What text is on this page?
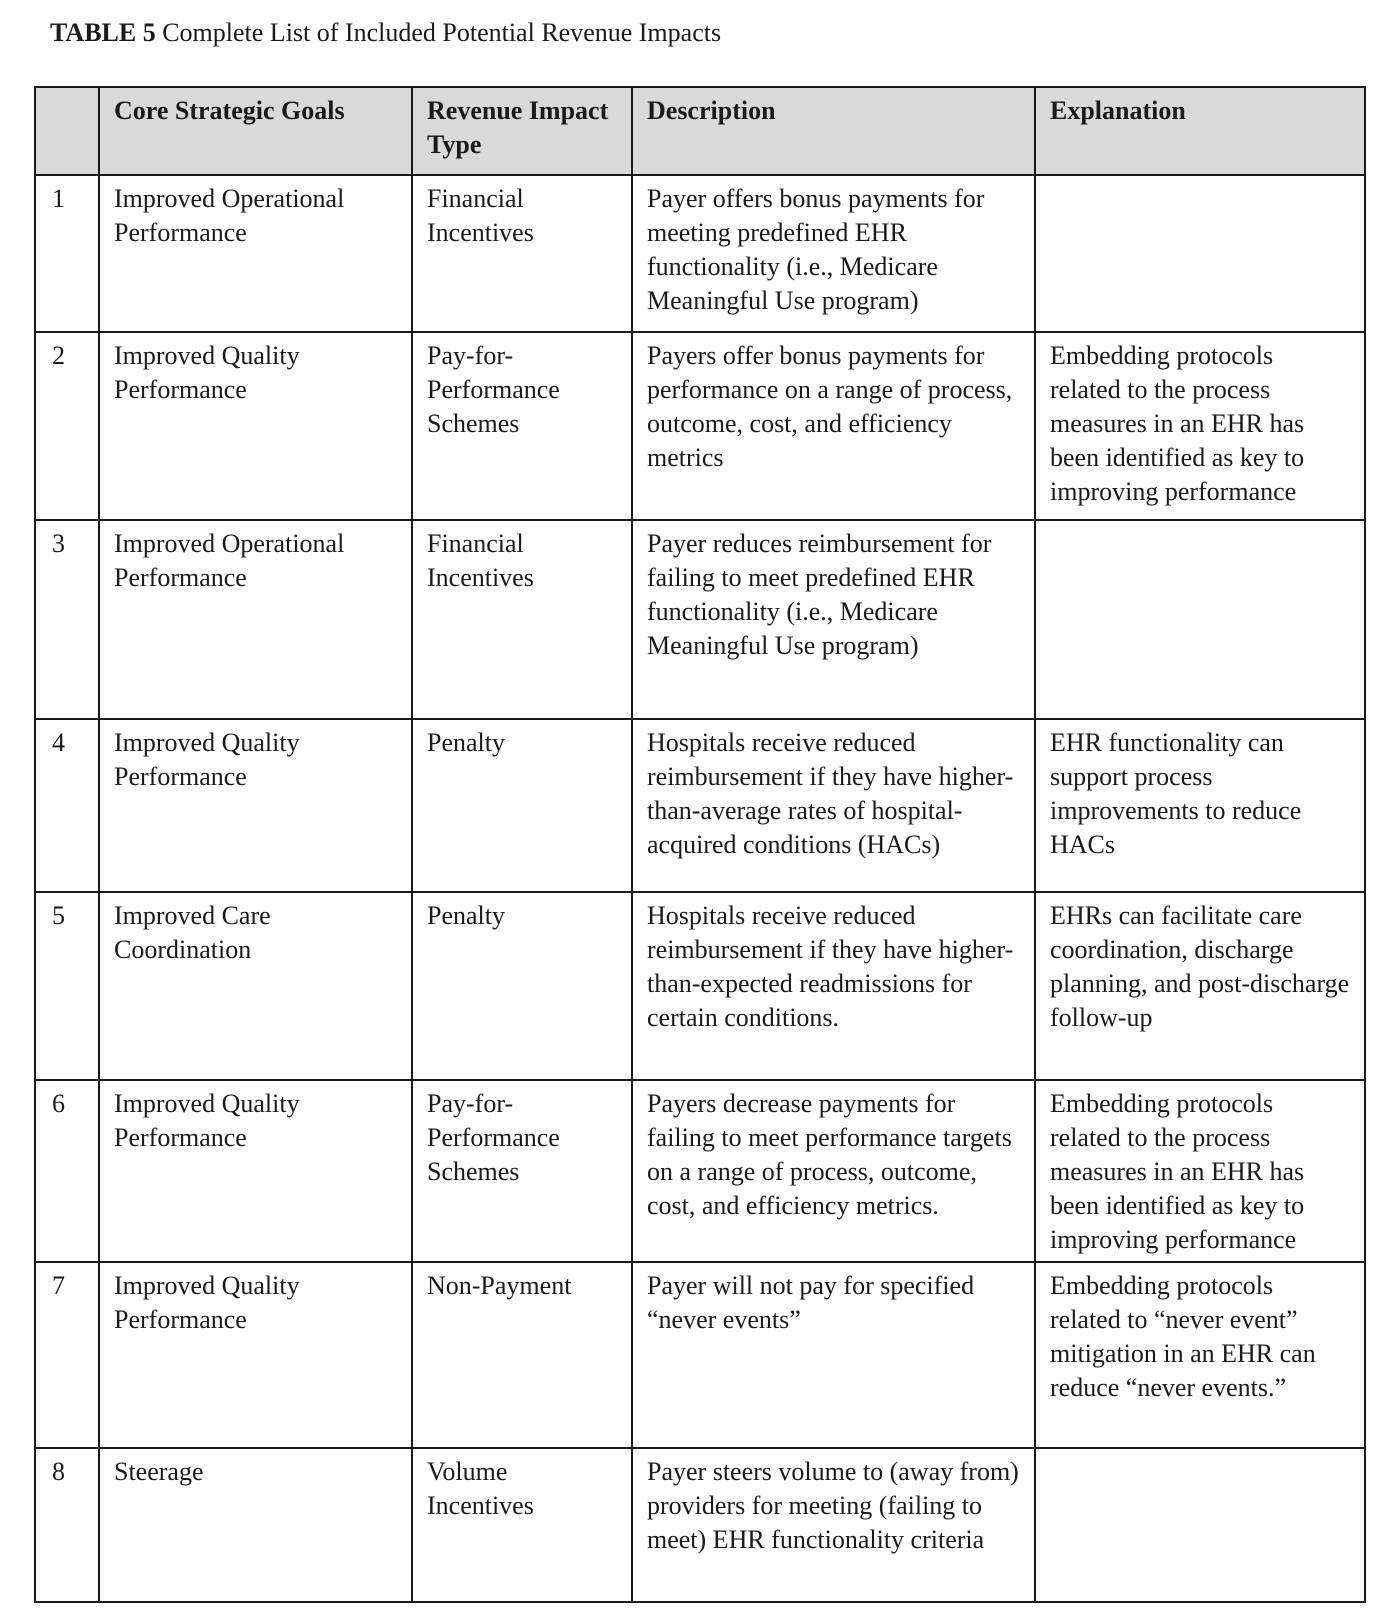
TABLE 5 Complete List of Included Potential Revenue Impacts
	Core Strategic Goals	Revenue Impact Type	Description	Explanation
1	Improved Operational Performance	Financial Incentives	Payer offers bonus payments for meeting predefined EHR functionality (i.e., Medicare Meaningful Use program)	
2	Improved Quality Performance	Pay-for-Performance Schemes	Payers offer bonus payments for performance on a range of process, outcome, cost, and efficiency metrics	Embedding protocols related to the process measures in an EHR has been identified as key to improving performance
3	Improved Operational Performance	Financial Incentives	Payer reduces reimbursement for failing to meet predefined EHR functionality (i.e., Medicare Meaningful Use program)	
4	Improved Quality Performance	Penalty	Hospitals receive reduced reimbursement if they have higher-than-average rates of hospital-acquired conditions (HACs)	EHR functionality can support process improvements to reduce HACs
5	Improved Care Coordination	Penalty	Hospitals receive reduced reimbursement if they have higher-than-expected readmissions for certain conditions.	EHRs can facilitate care coordination, discharge planning, and post-discharge follow-up
6	Improved Quality Performance	Pay-for-Performance Schemes	Payers decrease payments for failing to meet performance targets on a range of process, outcome, cost, and efficiency metrics.	Embedding protocols related to the process measures in an EHR has been identified as key to improving performance
7	Improved Quality Performance	Non-Payment	Payer will not pay for specified “never events”	Embedding protocols related to “never event” mitigation in an EHR can reduce “never events.”
8	Steerage	Volume Incentives	Payer steers volume to (away from) providers for meeting (failing to meet) EHR functionality criteria	
